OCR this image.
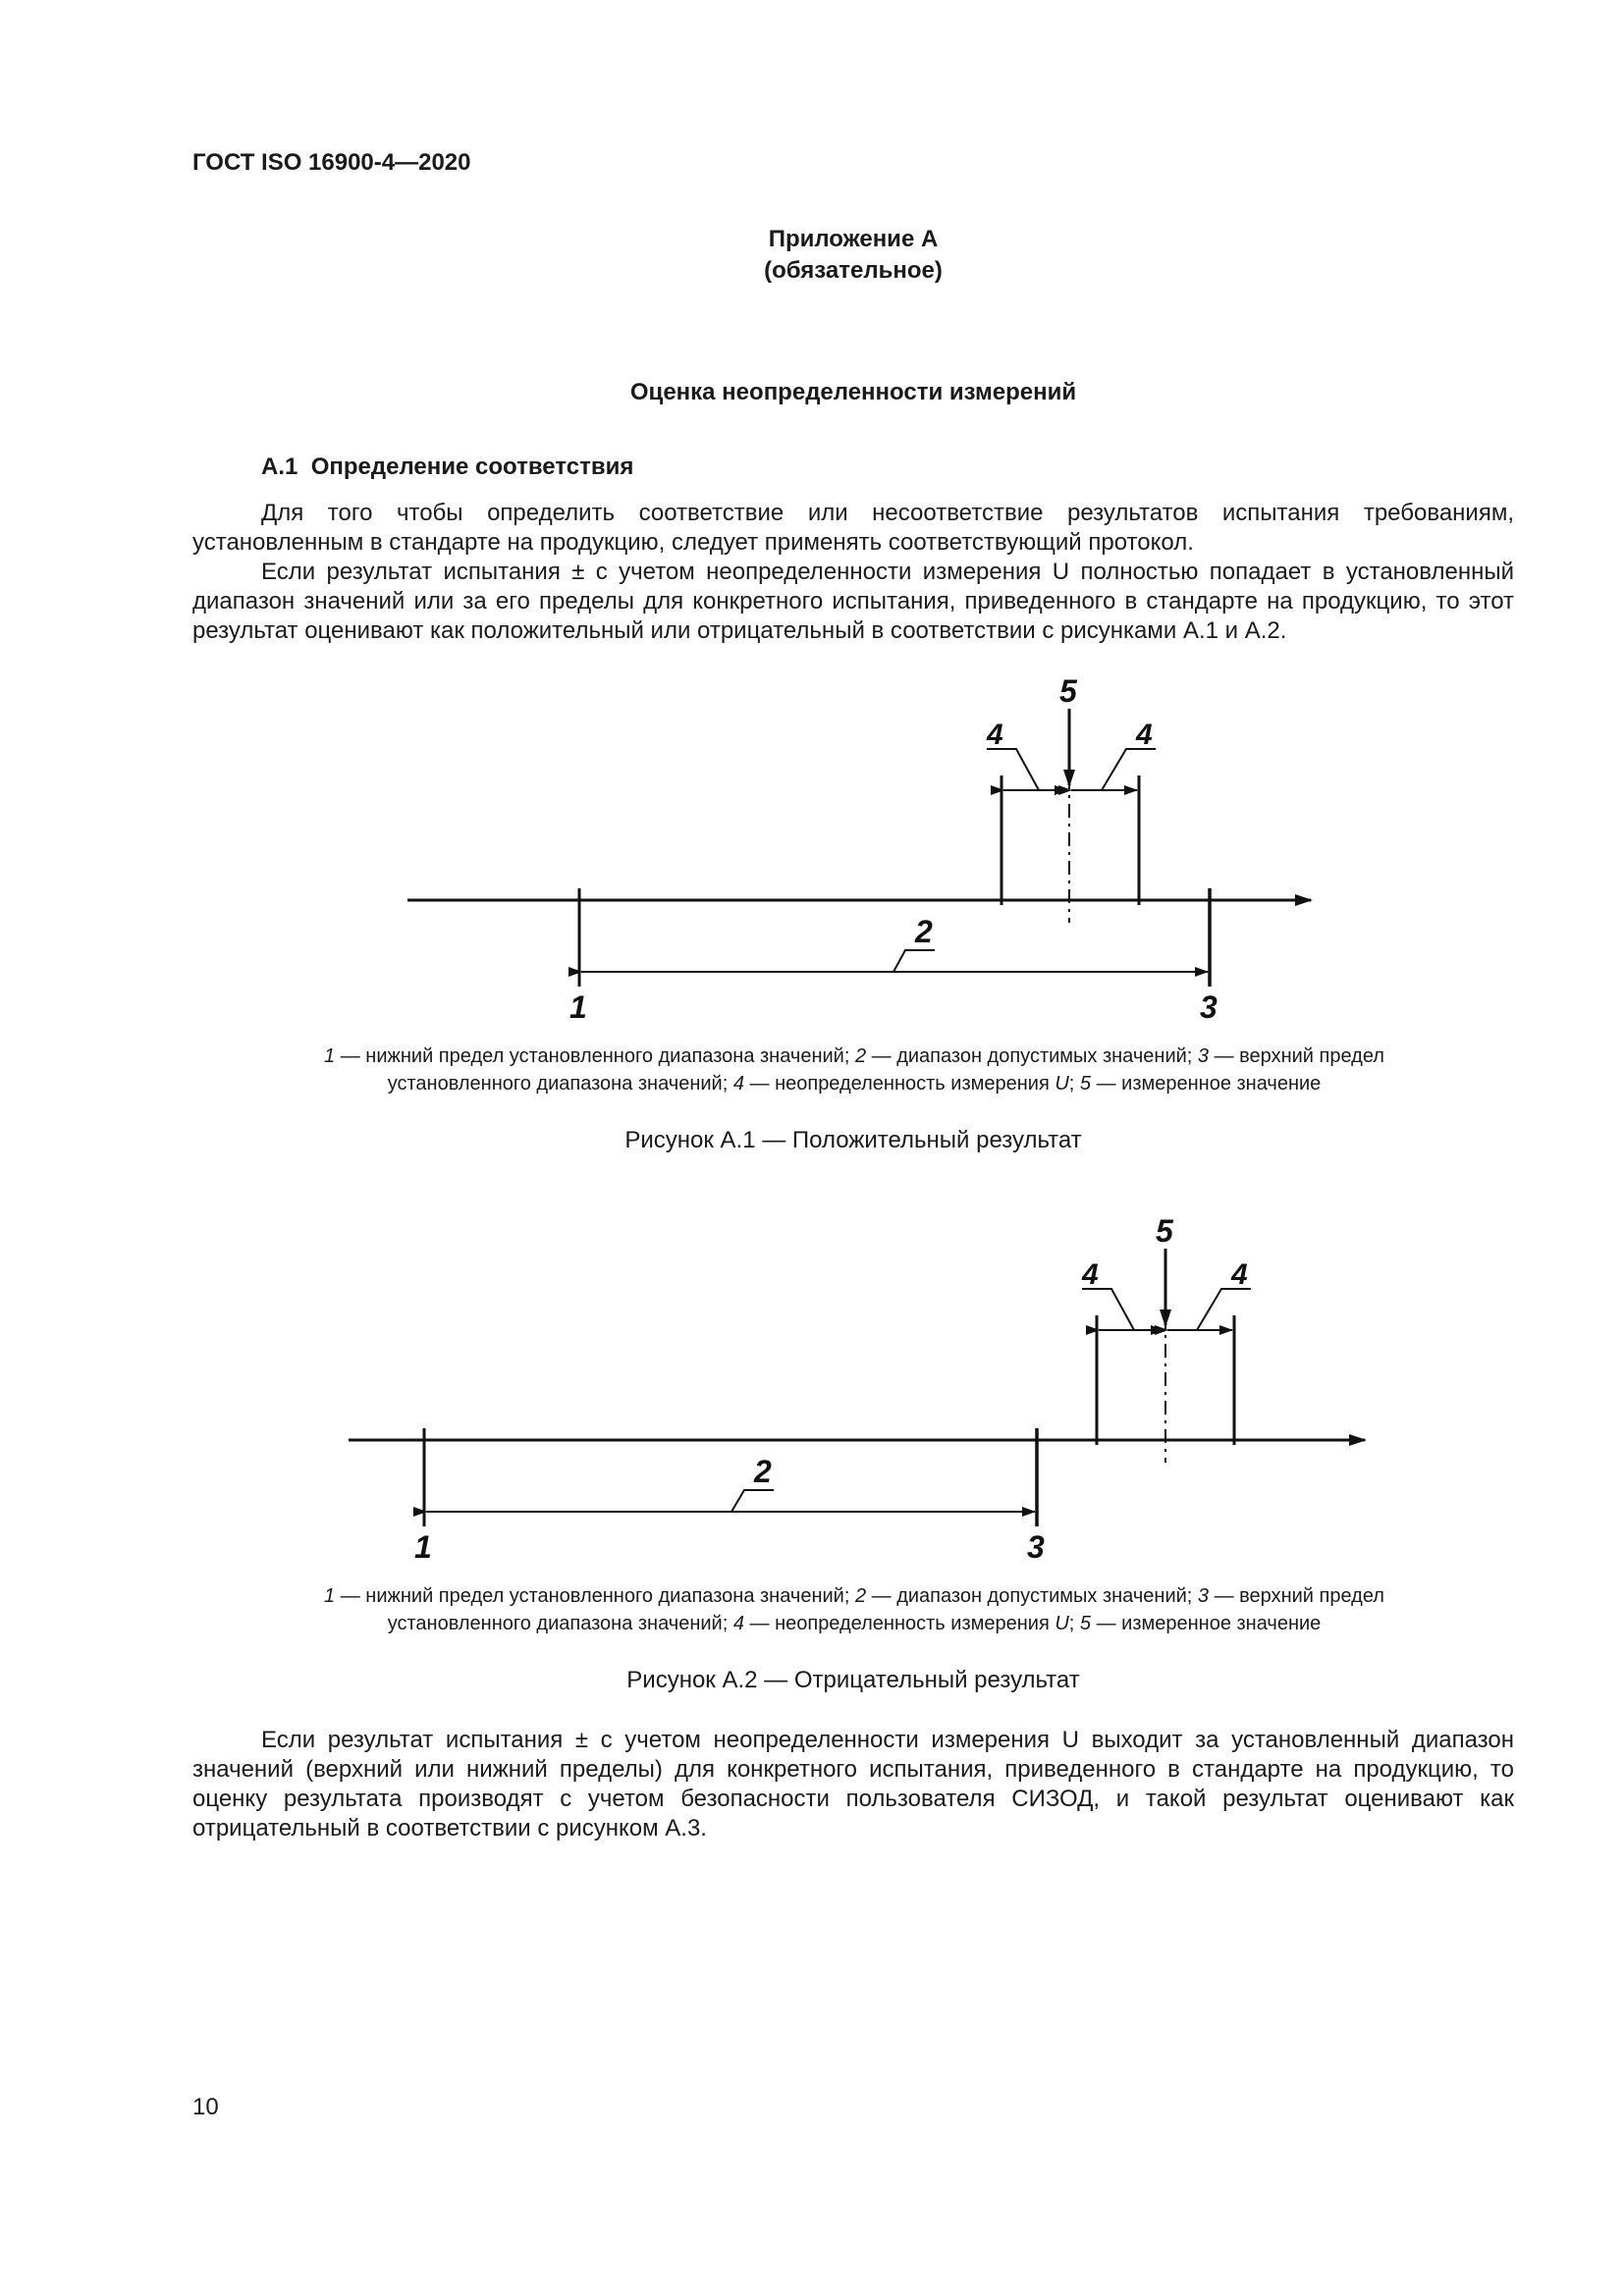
ГОСТ ISO 16900-4—2020
Приложение А
(обязательное)
Оценка неопределенности измерений
А.1 Определение соответствия

Для того чтобы определить соответствие или несоответствие результатов испытания требованиям, установленным в стандарте на продукцию, следует применять соответствующий протокол.

Если результат испытания ± с учетом неопределенности измерения U полностью попадает в установленный диапазон значений или за его пределы для конкретного испытания, приведенного в стандарте на продукцию, то этот результат оценивают как положительный или отрицательный в соответствии с рисунками А.1 и А.2.

5
4	4
2
1	3

1 — нижний предел установленного диапазона значений; 2 — диапазон допустимых значений; 3 — верхний предел

установленного диапазона значений; 4 — неопределенность измерения U; 5 — измеренное значение

Рисунок А.1 — Положительный результат
5
4	4
2
1	3

1 — нижний предел установленного диапазона значений; 2 — диапазон допустимых значений; 3 — верхний предел

установленного диапазона значений; 4 — неопределенность измерения U; 5 — измеренное значение

Рисунок А.2 — Отрицательный результат

Если результат испытания ± с учетом неопределенности измерения U выходит за установленный диапазон значений (верхний или нижний пределы) для конкретного испытания, приведенного в стандарте на продукцию, то оценку результата производят с учетом безопасности пользователя СИЗОД, и такой результат оценивают как отрицательный в соответствии с рисунком А.3.

10
